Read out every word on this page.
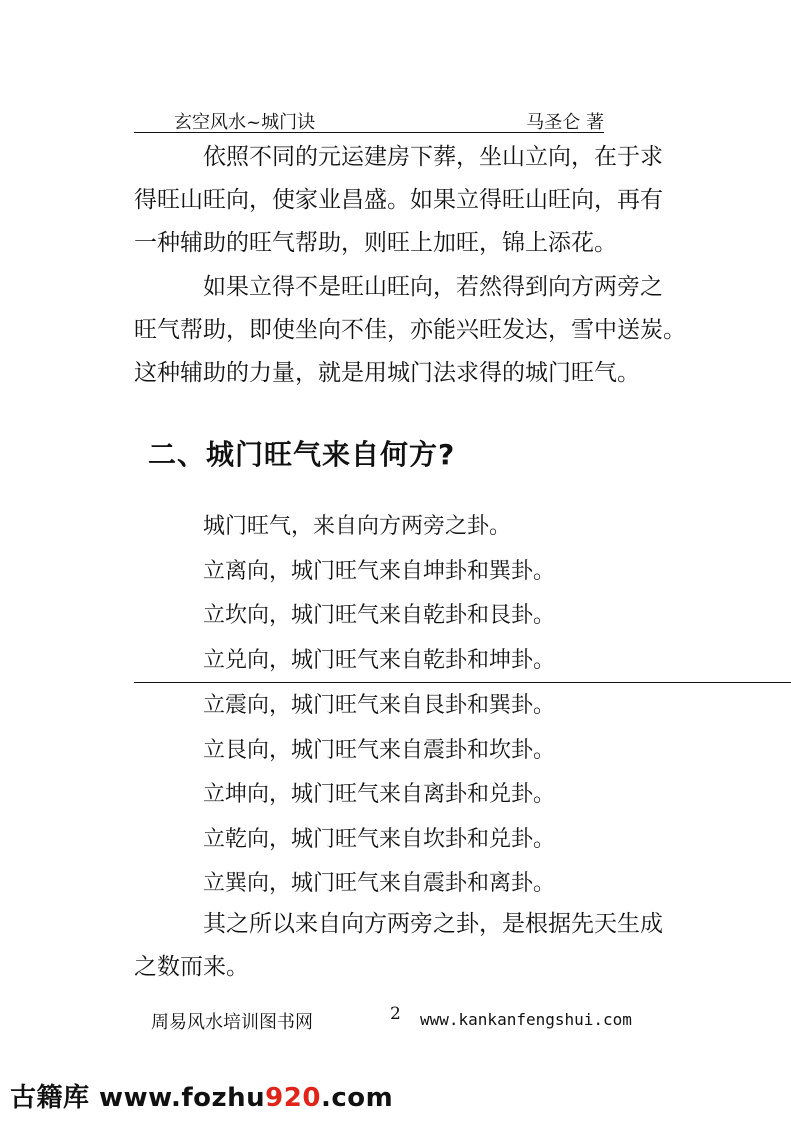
玄空风水~城门诀	马圣仑 著
依照不同的元运建房下葬，坐山立向，在于求
得旺山旺向，使家业昌盛。如果立得旺山旺向，再有
一种辅助的旺气帮助，则旺上加旺，锦上添花。
如果立得不是旺山旺向，若然得到向方两旁之
旺气帮助，即使坐向不佳，亦能兴旺发达，雪中送炭。
这种辅助的力量，就是用城门法求得的城门旺气。
二、城门旺气来自何方?
城门旺气，来自向方两旁之卦。
立离向，城门旺气来自坤卦和巽卦。
立坎向，城门旺气来自乾卦和艮卦。
立兑向，城门旺气来自乾卦和坤卦。
立震向，城门旺气来自艮卦和巽卦。
立艮向，城门旺气来自震卦和坎卦。
立坤向，城门旺气来自离卦和兑卦。
立乾向，城门旺气来自坎卦和兑卦。
立巽向，城门旺气来自震卦和离卦。
其之所以来自向方两旁之卦，是根据先天生成
之数而来。
周易风水培训图书网	2 www.kankanfengshui.com
古籍库 www.fozhu920.com
